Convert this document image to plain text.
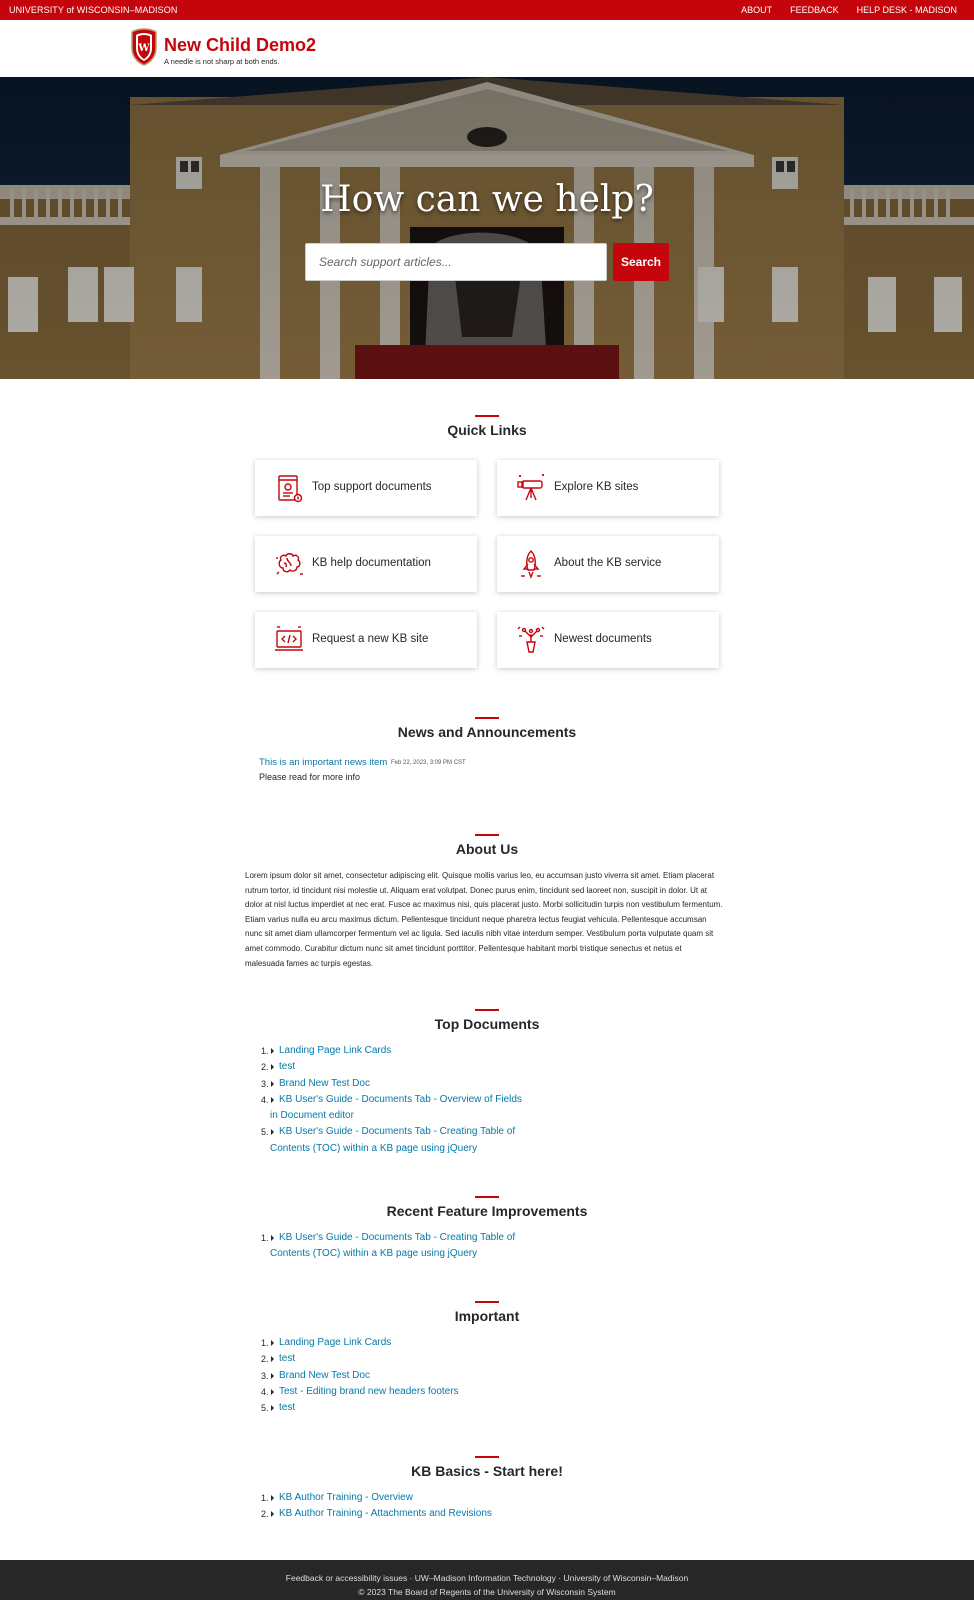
UNIVERSITY of WISCONSIN–MADISON	ABOUT FEEDBACK HELP DESK - MADISON
W New Child Demo2
A needle is not sharp at both ends.
How can we help?
Search support articles...
Search
Quick Links
Top support documents	Explore KB sites
KB help documentation	About the KB service
Request a new KB site	Newest documents
News and Announcements
This is an important news item Feb 22, 2023, 3:09 PM CST
Please read for more info
About Us
Lorem ipsum dolor sit amet, consectetur adipiscing elit. Quisque mollis varius leo, eu accumsan justo viverra sit amet. Etiam placerat rutrum tortor, id tincidunt nisi molestie ut. Aliquam erat volutpat. Donec purus enim, tincidunt sed laoreet non, suscipit in dolor. Ut at dolor at nisl luctus imperdiet at nec erat. Fusce ac maximus nisi, quis placerat justo. Morbi sollicitudin turpis non vestibulum fermentum. Etiam varius nulla eu arcu maximus dictum. Pellentesque tincidunt neque pharetra lectus feugiat vehicula. Pellentesque accumsan nunc sit amet diam ullamcorper fermentum vel ac ligula. Sed iaculis nibh vitae interdum semper. Vestibulum porta vulputate quam sit amet commodo. Curabitur dictum nunc sit amet tincidunt porttitor. Pellentesque habitant morbi tristique senectus et netus et malesuada fames ac turpis egestas.
Top Documents
1.	Landing Page Link Cards
2.	test
3.	Brand New Test Doc
4.	KB User's Guide - Documents Tab - Overview of Fields in Document editor
5.	KB User's Guide - Documents Tab - Creating Table of Contents (TOC) within a KB page using jQuery
Recent Feature Improvements
1.	KB User's Guide - Documents Tab - Creating Table of Contents (TOC) within a KB page using jQuery
Important
1.	Landing Page Link Cards
2.	test
3.	Brand New Test Doc
4.	Test - Editing brand new headers footers
5.	test
KB Basics - Start here!
1.	KB Author Training - Overview
2.	KB Author Training - Attachments and Revisions
Feedback or accessibility issues · UW–Madison Information Technology · University of Wisconsin–Madison
© 2023 The Board of Regents of the University of Wisconsin System
